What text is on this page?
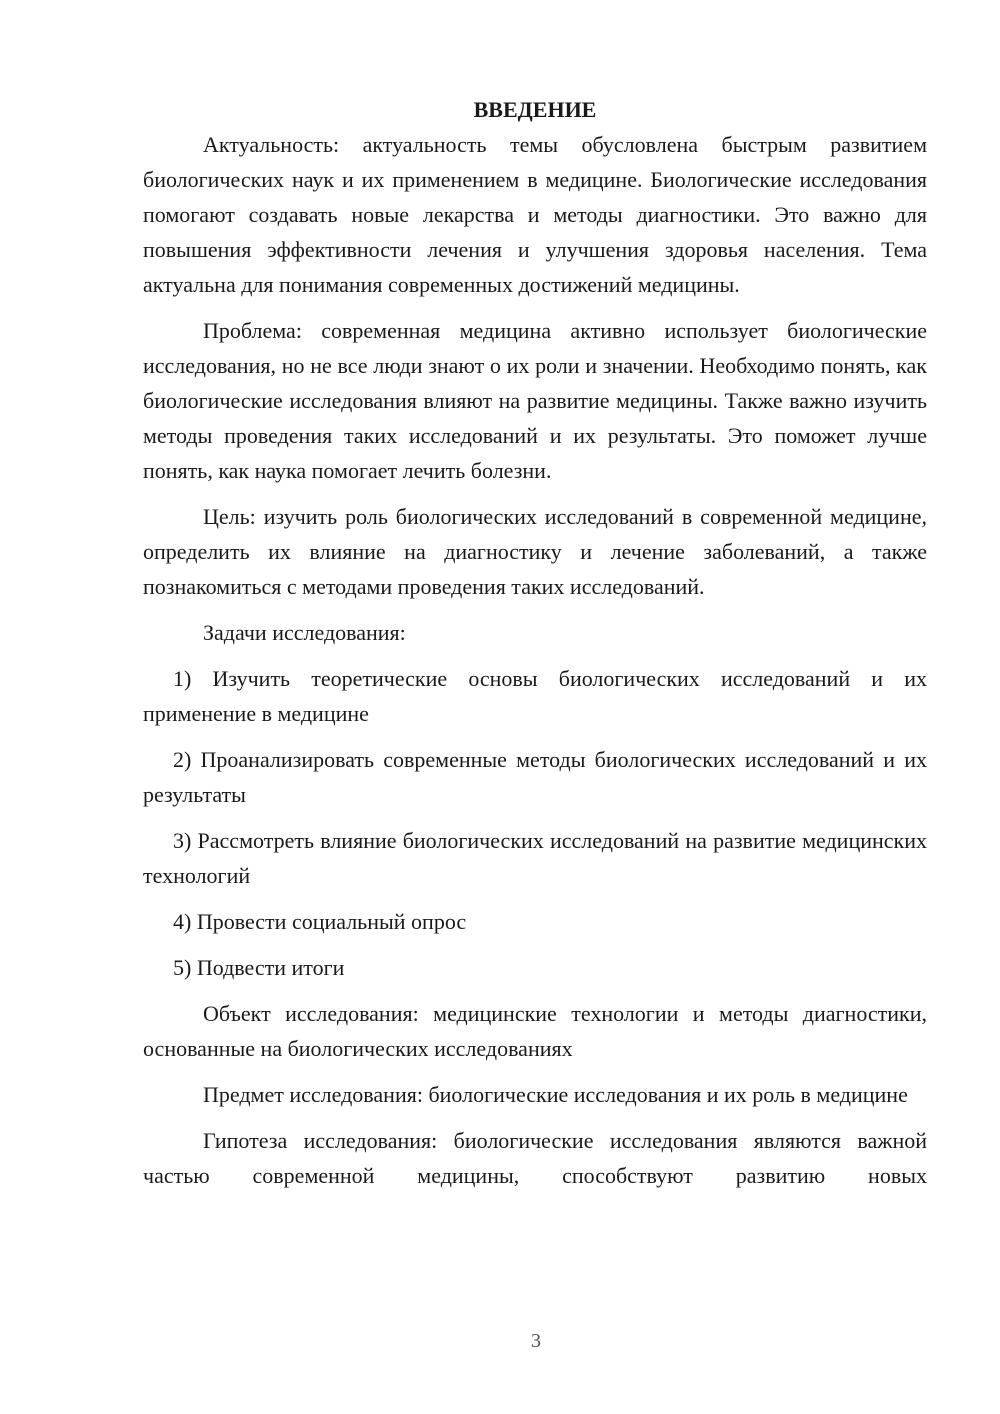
ВВЕДЕНИЕ

Актуальность: актуальность темы обусловлена быстрым развитием биологических наук и их применением в медицине. Биологические исследования помогают создавать новые лекарства и методы диагностики. Это важно для повышения эффективности лечения и улучшения здоровья населения. Тема актуальна для понимания современных достижений медицины.

Проблема: современная медицина активно использует биологические исследования, но не все люди знают о их роли и значении. Необходимо понять, как биологические исследования влияют на развитие медицины. Также важно изучить методы проведения таких исследований и их результаты. Это поможет лучше понять, как наука помогает лечить болезни.

Цель: изучить роль биологических исследований в современной медицине, определить их влияние на диагностику и лечение заболеваний, а также познакомиться с методами проведения таких исследований.

Задачи исследования:

1) Изучить теоретические основы биологических исследований и их применение в медицине

2) Проанализировать современные методы биологических исследований и их результаты

3) Рассмотреть влияние биологических исследований на развитие медицинских технологий

4) Провести социальный опрос

5) Подвести итоги

Объект исследования: медицинские технологии и методы диагностики, основанные на биологических исследованиях

Предмет исследования: биологические исследования и их роль в медицине

Гипотеза исследования: биологические исследования являются важной частью современной медицины, способствуют развитию новых

3
